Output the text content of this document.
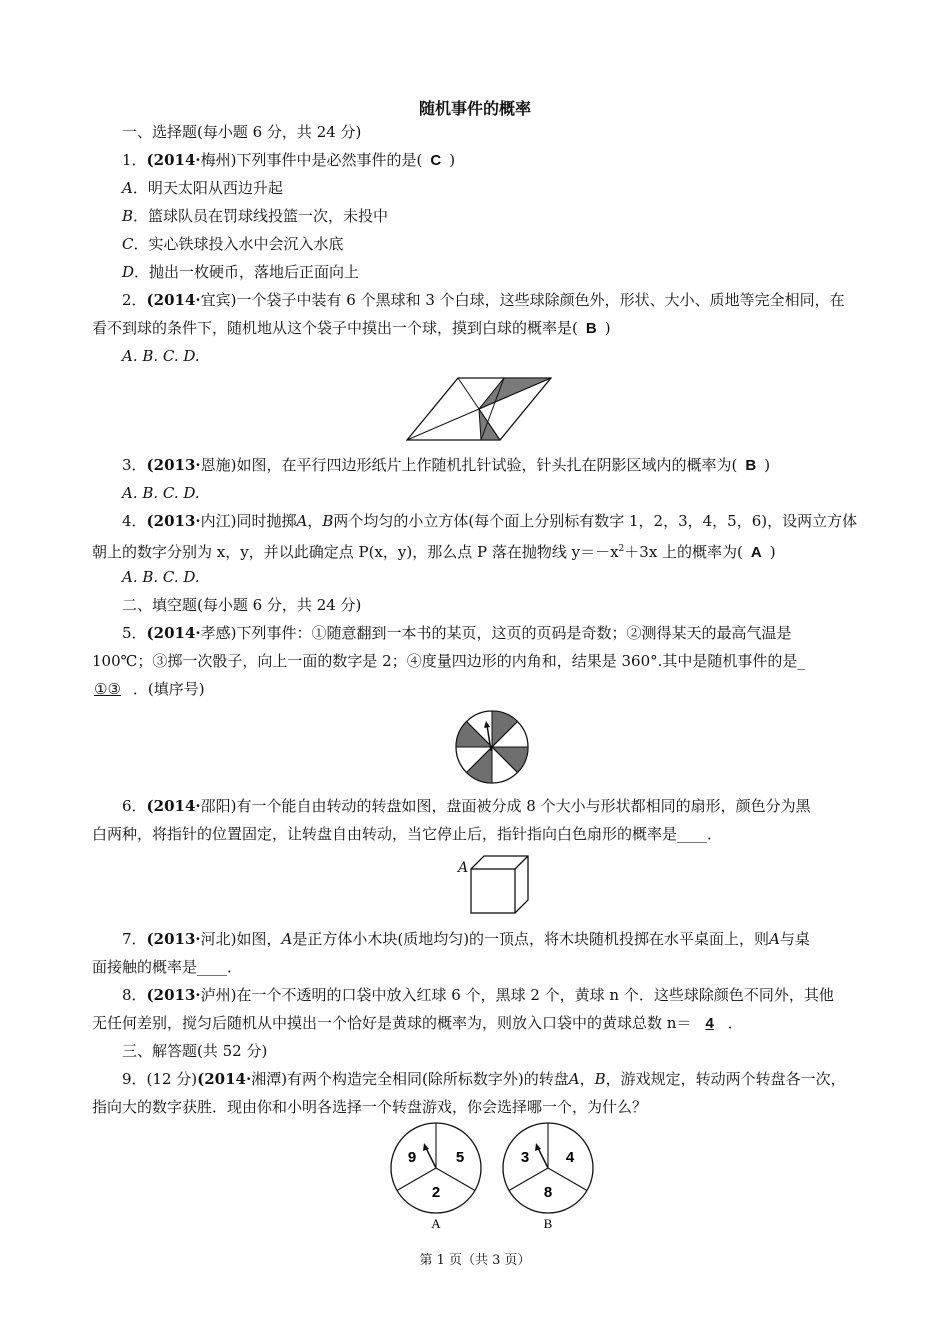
随机事件的概率
一、选择题(每小题 6 分，共 24 分)
1．(2014·梅州)下列事件中是必然事件的是( C )
A．明天太阳从西边升起
B．篮球队员在罚球线投篮一次，未投中
C．实心铁球投入水中会沉入水底
D．抛出一枚硬币，落地后正面向上
2．(2014·宜宾)一个袋子中装有 6 个黑球和 3 个白球，这些球除颜色外，形状、大小、质地等完全相同，在
看不到球的条件下，随机地从这个袋子中摸出一个球，摸到白球的概率是( B )
A. B. C. D.
3．(2013·恩施)如图，在平行四边形纸片上作随机扎针试验，针头扎在阴影区域内的概率为( B )
A. B. C. D.
4．(2013·内江)同时抛掷A，B两个均匀的小立方体(每个面上分别标有数字 1，2，3，4，5，6)，设两立方体
朝上的数字分别为 x，y，并以此确定点 P(x，y)，那么点 P 落在抛物线 $y=-x^2+3x$ 上的概率为( A )
A. B. C. D.
二、填空题(每小题 6 分，共 24 分)
5．(2014·孝感)下列事件：①随意翻到一本书的某页，这页的页码是奇数；②测得某天的最高气温是
100℃；③掷一次骰子，向上一面的数字是 2；④度量四边形的内角和，结果是 360°.其中是随机事件的是_
①③ ．(填序号)
6．(2014·邵阳)有一个能自由转动的转盘如图，盘面被分成 8 个大小与形状都相同的扇形，颜色分为黑
白两种，将指针的位置固定，让转盘自由转动，当它停止后，指针指向白色扇形的概率是____．
A
7．(2013·河北)如图，A是正方体小木块(质地均匀)的一顶点，将木块随机投掷在水平桌面上，则A与桌
面接触的概率是____．
8．(2013·泸州)在一个不透明的口袋中放入红球 6 个，黑球 2 个，黄球 n 个．这些球除颜色不同外，其他
无任何差别，搅匀后随机从中摸出一个恰好是黄球的概率为，则放入口袋中的黄球总数 n＝ 4 ．
三、解答题(共 52 分)
9．(12 分)(2014·湘潭)有两个构造完全相同(除所标数字外)的转盘A，B，游戏规定，转动两个转盘各一次，
指向大的数字获胜．现由你和小明各选择一个转盘游戏，你会选择哪一个，为什么？
9	5
2
A
3 4
8
B
第 1 页（共 3 页）
